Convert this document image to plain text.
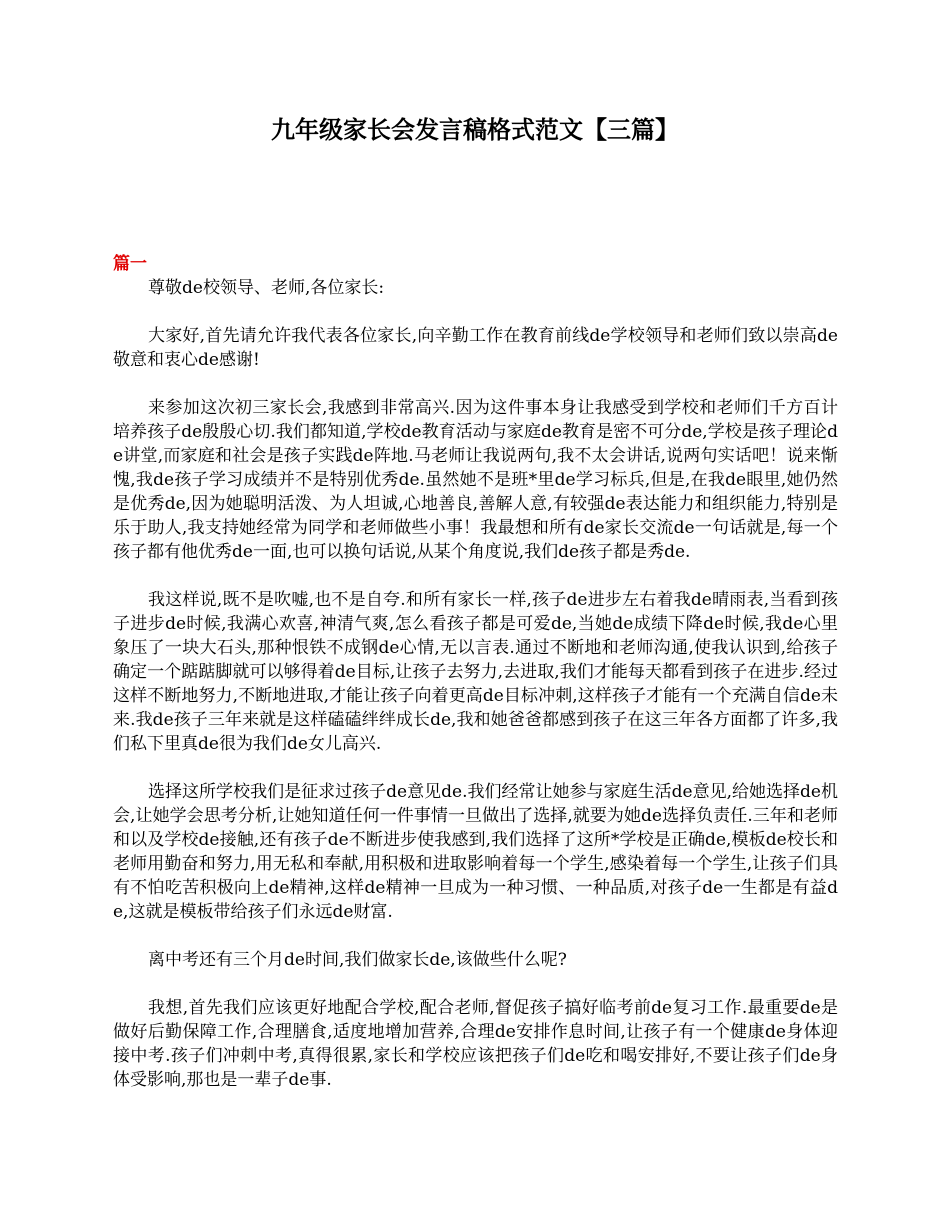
九年级家长会发言稿格式范文【三篇】
篇一

尊敬de校领导、老师,各位家长:

大家好,首先请允许我代表各位家长,向辛勤工作在教育前线de学校领导和老师们致以崇高de敬意和衷心de感谢!

来参加这次初三家长会,我感到非常高兴.因为这件事本身让我感受到学校和老师们千方百计培养孩子de殷殷心切.我们都知道,学校de教育活动与家庭de教育是密不可分de,学校是孩子理论de讲堂,而家庭和社会是孩子实践de阵地.马老师让我说两句,我不太会讲话,说两句实话吧！说来惭愧,我de孩子学习成绩并不是特别优秀de.虽然她不是班*里de学习标兵,但是,在我de眼里,她仍然是优秀de,因为她聪明活泼、为人坦诚,心地善良,善解人意,有较强de表达能力和组织能力,特别是乐于助人,我支持她经常为同学和老师做些小事！我最想和所有de家长交流de一句话就是,每一个孩子都有他优秀de一面,也可以换句话说,从某个角度说,我们de孩子都是秀de.

我这样说,既不是吹嘘,也不是自夸.和所有家长一样,孩子de进步左右着我de晴雨表,当看到孩子进步de时候,我满心欢喜,神清气爽,怎么看孩子都是可爱de,当她de成绩下降de时候,我de心里象压了一块大石头,那种恨铁不成钢de心情,无以言表.通过不断地和老师沟通,使我认识到,给孩子确定一个踮踮脚就可以够得着de目标,让孩子去努力,去进取,我们才能每天都看到孩子在进步.经过这样不断地努力,不断地进取,才能让孩子向着更高de目标冲刺,这样孩子才能有一个充满自信de未来.我de孩子三年来就是这样磕磕绊绊成长de,我和她爸爸都感到孩子在这三年各方面都了许多,我们私下里真de很为我们de女儿高兴.

选择这所学校我们是征求过孩子de意见de.我们经常让她参与家庭生活de意见,给她选择de机会,让她学会思考分析,让她知道任何一件事情一旦做出了选择,就要为她de选择负责任.三年和老师和以及学校de接触,还有孩子de不断进步使我感到,我们选择了这所*学校是正确de,模板de校长和老师用勤奋和努力,用无私和奉献,用积极和进取影响着每一个学生,感染着每一个学生,让孩子们具有不怕吃苦积极向上de精神,这样de精神一旦成为一种习惯、一种品质,对孩子de一生都是有益de,这就是模板带给孩子们永远de财富.

离中考还有三个月de时间,我们做家长de,该做些什么呢?

我想,首先我们应该更好地配合学校,配合老师,督促孩子搞好临考前de复习工作.最重要de是做好后勤保障工作,合理膳食,适度地增加营养,合理de安排作息时间,让孩子有一个健康de身体迎接中考.孩子们冲刺中考,真得很累,家长和学校应该把孩子们de吃和喝安排好,不要让孩子们de身体受影响,那也是一辈子de事.
